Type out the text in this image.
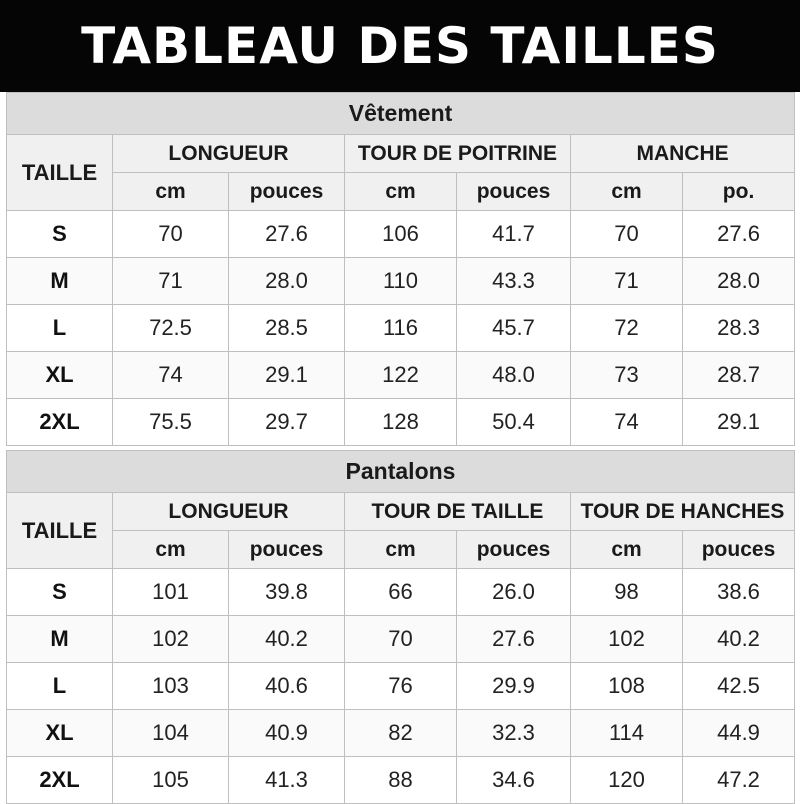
TABLEAU DES TAILLES
Vêtement						
TAILLE	LONGUEUR		TOUR DE POITRINE		MANCHE	
	cm	pouces	cm	pouces	cm	po.
S	70	27.6	106	41.7	70	27.6
M	71	28.0	110	43.3	71	28.0
L	72.5	28.5	116	45.7	72	28.3
XL	74	29.1	122	48.0	73	28.7
2XL	75.5	29.7	128	50.4	74	29.1
Pantalons						
TAILLE	LONGUEUR		TOUR DE TAILLE		TOUR DE HANCHES	
	cm	pouces	cm	pouces	cm	pouces
S	101	39.8	66	26.0	98	38.6
M	102	40.2	70	27.6	102	40.2
L	103	40.6	76	29.9	108	42.5
XL	104	40.9	82	32.3	114	44.9
2XL	105	41.3	88	34.6	120	47.2
